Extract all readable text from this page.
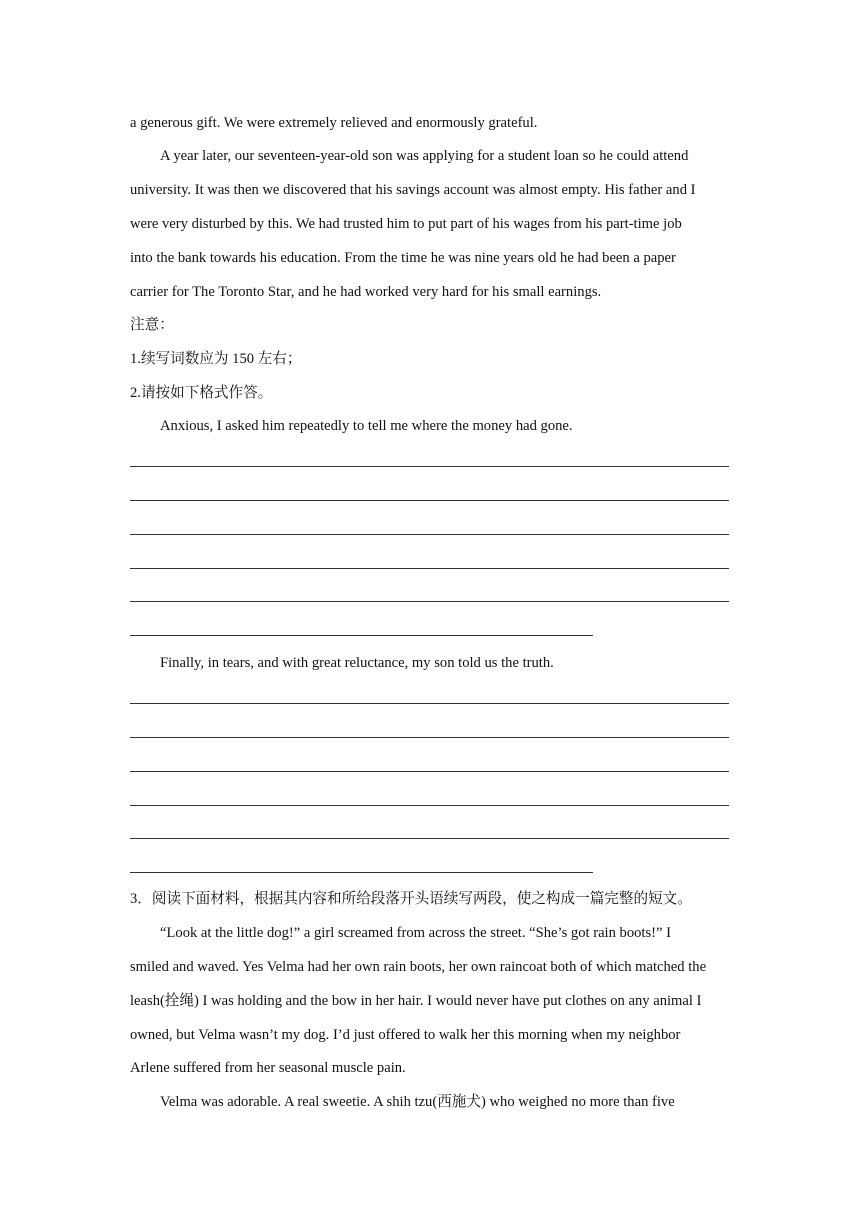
a generous gift. We were extremely relieved and enormously grateful.
A year later, our seventeen-year-old son was applying for a student loan so he could attend
university. It was then we discovered that his savings account was almost empty. His father and I
were very disturbed by this. We had trusted him to put part of his wages from his part-time job
into the bank towards his education. From the time he was nine years old he had been a paper
carrier for The Toronto Star, and he had worked very hard for his small earnings.
注意：
1.续写词数应为 150 左右；
2.请按如下格式作答。
Anxious, I asked him repeatedly to tell me where the money had gone.
Finally, in tears, and with great reluctance, my son told us the truth.
3．阅读下面材料，根据其内容和所给段落开头语续写两段，使之构成一篇完整的短文。
“Look at the little dog!” a girl screamed from across the street. “She’s got rain boots!” I
smiled and waved. Yes Velma had her own rain boots, her own raincoat both of which matched the
leash(拴绳) I was holding and the bow in her hair. I would never have put clothes on any animal I
owned, but Velma wasn’t my dog. I’d just offered to walk her this morning when my neighbor
Arlene suffered from her seasonal muscle pain.
Velma was adorable. A real sweetie. A shih tzu(西施犬) who weighed no more than five
